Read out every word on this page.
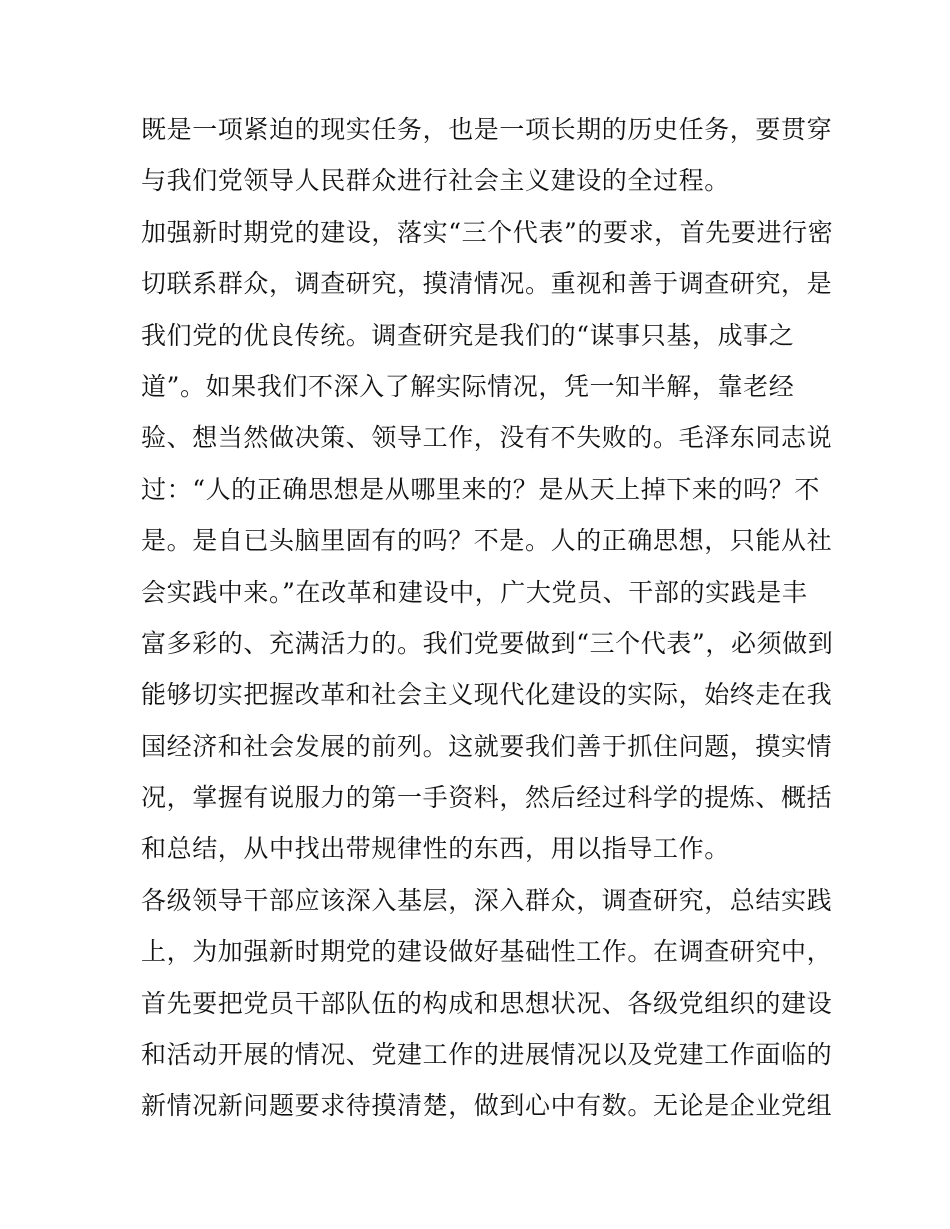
既是一项紧迫的现实任务，也是一项长期的历史任务，要贯穿
与我们党领导人民群众进行社会主义建设的全过程。
加强新时期党的建设，落实“三个代表”的要求，首先要进行密
切联系群众，调查研究，摸清情况。重视和善于调查研究，是
我们党的优良传统。调查研究是我们的“谋事只基，成事之
道”。如果我们不深入了解实际情况，凭一知半解，靠老经
验、想当然做决策、领导工作，没有不失败的。毛泽东同志说
过：“人的正确思想是从哪里来的？是从天上掉下来的吗？不
是。是自已头脑里固有的吗？不是。人的正确思想，只能从社
会实践中来。”在改革和建设中，广大党员、干部的实践是丰
富多彩的、充满活力的。我们党要做到“三个代表”，必须做到
能够切实把握改革和社会主义现代化建设的实际，始终走在我
国经济和社会发展的前列。这就要我们善于抓住问题，摸实情
况，掌握有说服力的第一手资料，然后经过科学的提炼、概括
和总结，从中找出带规律性的东西，用以指导工作。
各级领导干部应该深入基层，深入群众，调查研究，总结实践
上，为加强新时期党的建设做好基础性工作。在调查研究中，
首先要把党员干部队伍的构成和思想状况、各级党组织的建设
和活动开展的情况、党建工作的进展情况以及党建工作面临的
新情况新问题要求待摸清楚，做到心中有数。无论是企业党组
